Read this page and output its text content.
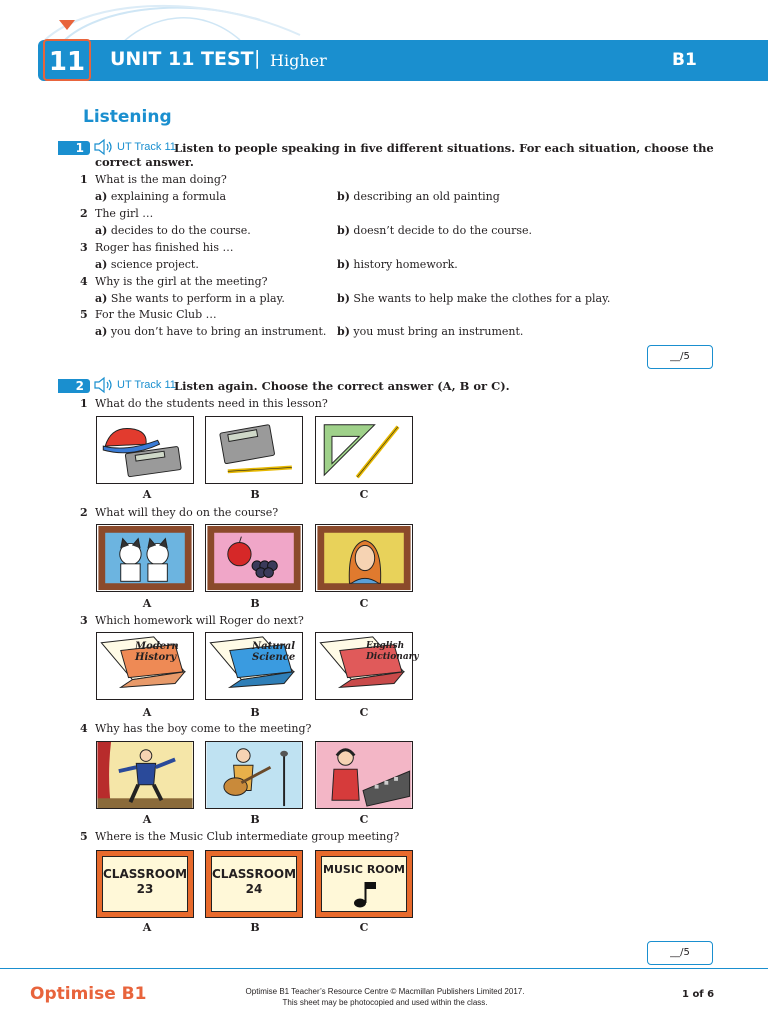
11	UNIT 11 TEST | Higher	B1
Listening
1	UT Track 11
Listen to people speaking in five different situations. For each situation, choose the
correct answer.
1 What is the man doing?
a) explaining a formula	b) describing an old painting
2 The girl …
a) decides to do the course.	b) doesn’t decide to do the course.
3 Roger has finished his …
a) science project.	b) history homework.
4 Why is the girl at the meeting?
a) She wants to perform in a play.	b) She wants to help make the clothes for a play.
5 For the Music Club …
a) you don’t have to bring an instrument. b) you must bring an instrument.
__/5
2	UT Track 11
Listen again. Choose the correct answer (A, B or C).
1 What do the students need in this lesson?
A	B	C
2 What will they do on the course?
A	B	C
3 Which homework will Roger do next?
Modern
History
Natural
Science
English
Dictionary
A	B	C
4 Why has the boy come to the meeting?
A	B	C
5 Where is the Music Club intermediate group meeting?
CLASSROOM
23
CLASSROOM
24
MUSIC ROOM
A	B	C
__/5
Optimise B1	Optimise B1 Teacher’s Resource Centre © Macmillan Publishers Limited 2017.
This sheet may be photocopied and used within the class.
1 of 6
